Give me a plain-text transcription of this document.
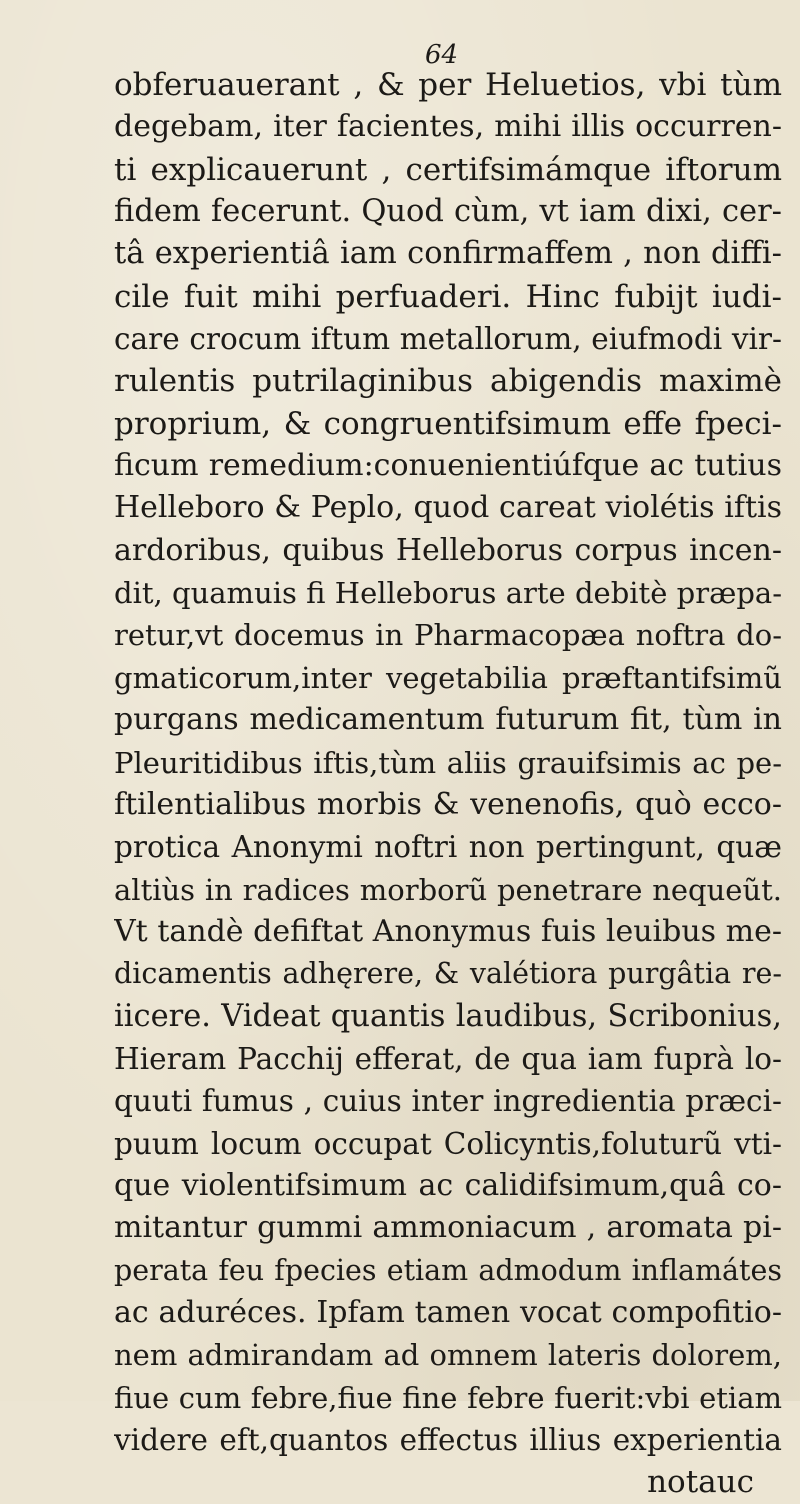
64
obferuauerant , & per Heluetios, vbi tùm
degebam, iter facientes, mihi illis occurren-
ti explicauerunt , certifsimámque iftorum
fidem fecerunt. Quod cùm, vt iam dixi, cer-
tâ experientiâ iam confirmaffem , non diffi-
cile fuit mihi perfuaderi. Hinc fubijt iudi-
care crocum iftum metallorum, eiufmodi vir-
rulentis putrilaginibus abigendis maximè
proprium, & congruentifsimum effe fpeci-
ficum remedium:conuenientiúfque ac tutius
Helleboro & Peplo, quod careat violétis iftis
ardoribus, quibus Helleborus corpus incen-
dit, quamuis fi Helleborus arte debitè præpa-
retur,vt docemus in Pharmacopæa noftra do-
gmaticorum,inter vegetabilia præftantifsimũ
purgans medicamentum futurum fit, tùm in
Pleuritidibus iftis,tùm aliis grauifsimis ac pe-
ftilentialibus morbis & venenofis, quò ecco-
protica Anonymi noftri non pertingunt, quæ
altiùs in radices morborũ penetrare nequeũt.
Vt tandè defiftat Anonymus fuis leuibus me-
dicamentis adhęrere, & valétiora purgâtia re-
iicere. Videat quantis laudibus, Scribonius,
Hieram Pacchij efferat, de qua iam fuprà lo-
quuti fumus , cuius inter ingredientia præci-
puum locum occupat Colicyntis,foluturũ vti-
que violentifsimum ac calidifsimum,quâ co-
mitantur gummi ammoniacum , aromata pi-
perata feu fpecies etiam admodum inflamátes
ac aduréces. Ipfam tamen vocat compofitio-
nem admirandam ad omnem lateris dolorem,
fiue cum febre,fiue fine febre fuerit:vbi etiam
videre eft,quantos effectus illius experientia
notauc
